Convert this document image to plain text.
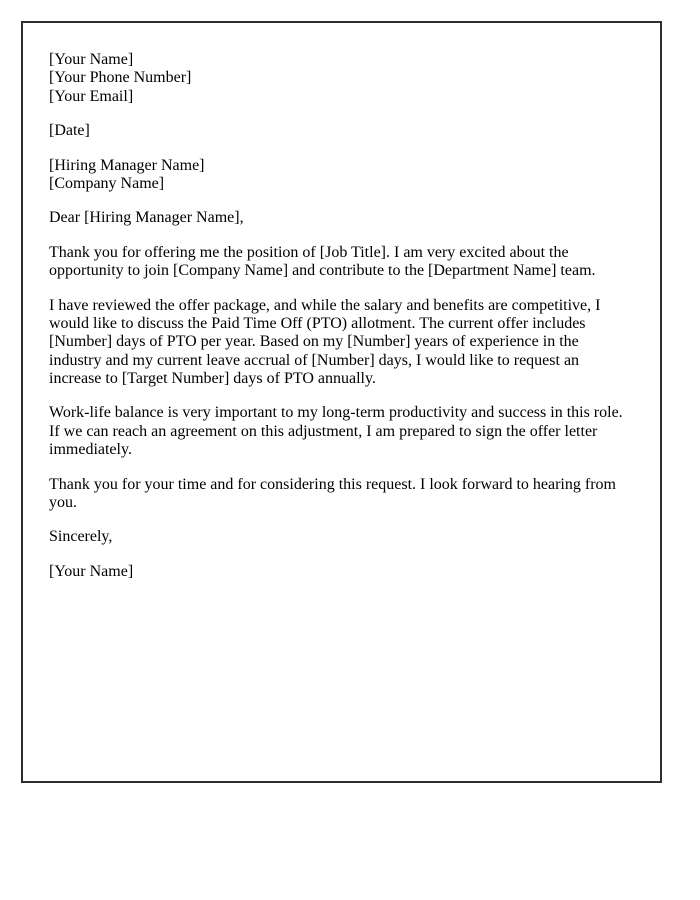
[Your Name]
[Your Phone Number]
[Your Email]

[Date]

[Hiring Manager Name]
[Company Name]

Dear [Hiring Manager Name],

Thank you for offering me the position of [Job Title]. I am very excited about the opportunity to join [Company Name] and contribute to the [Department Name] team.

I have reviewed the offer package, and while the salary and benefits are competitive, I would like to discuss the Paid Time Off (PTO) allotment. The current offer includes [Number] days of PTO per year. Based on my [Number] years of experience in the industry and my current leave accrual of [Number] days, I would like to request an increase to [Target Number] days of PTO annually.

Work-life balance is very important to my long-term productivity and success in this role. If we can reach an agreement on this adjustment, I am prepared to sign the offer letter immediately.

Thank you for your time and for considering this request. I look forward to hearing from you.

Sincerely,

[Your Name]
